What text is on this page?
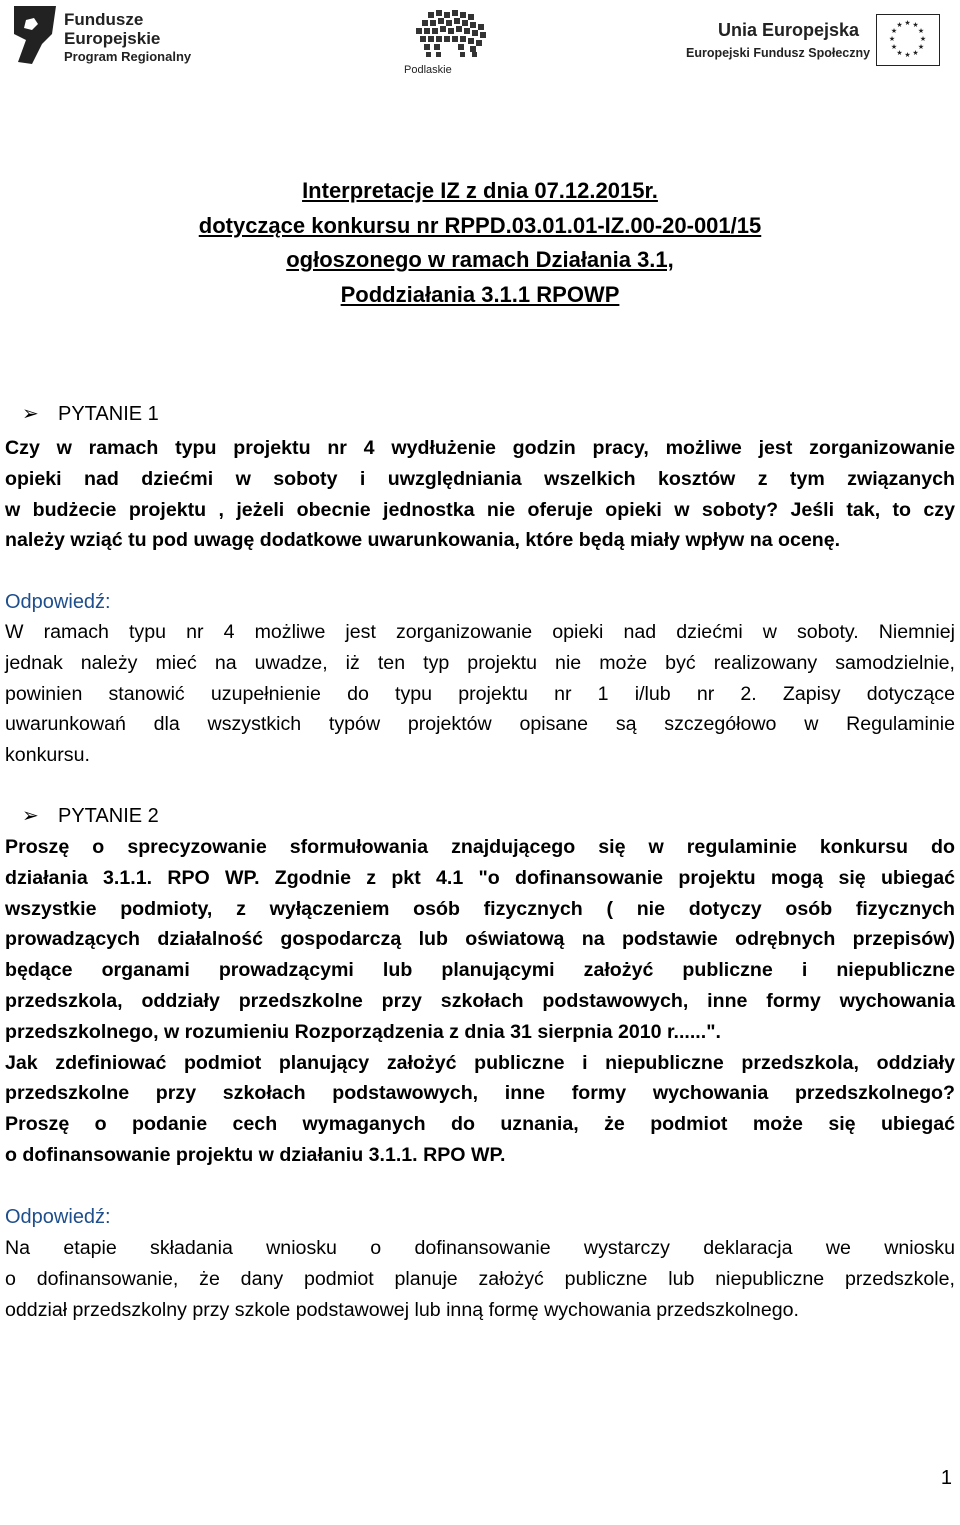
Fundusze
Europejskie
Program Regionalny
Podlaskie
Unia Europejska
Europejski Fundusz Społeczny
★ ★
★
★
★
★
★
★
★
★
★
★
Interpretacje IZ z dnia 07.12.2015r.
dotyczące konkursu nr RPPD.03.01.01-IZ.00-20-001/15
ogłoszonego w ramach Działania 3.1,
Poddziałania 3.1.1 RPOWP
➢ PYTANIE 1
Czy w ramach typu projektu nr 4 wydłużenie godzin pracy, możliwe jest zorganizowanie
opieki nad dziećmi w soboty i uwzględniania wszelkich kosztów z tym związanych
w budżecie projektu , jeżeli obecnie jednostka nie oferuje opieki w soboty? Jeśli tak, to czy
należy wziąć tu pod uwagę dodatkowe uwarunkowania, które będą miały wpływ na ocenę.
Odpowiedź:
W ramach typu nr 4 możliwe jest zorganizowanie opieki nad dziećmi w soboty. Niemniej
jednak należy mieć na uwadze, iż ten typ projektu nie może być realizowany samodzielnie,
powinien stanowić uzupełnienie do typu projektu nr 1 i/lub nr 2. Zapisy dotyczące
uwarunkowań dla wszystkich typów projektów opisane są szczegółowo w Regulaminie
konkursu.
➢ PYTANIE 2
Proszę o sprecyzowanie sformułowania znajdującego się w regulaminie konkursu do
działania 3.1.1. RPO WP. Zgodnie z pkt 4.1 "o dofinansowanie projektu mogą się ubiegać
wszystkie podmioty, z wyłączeniem osób fizycznych ( nie dotyczy osób fizycznych
prowadzących działalność gospodarczą lub oświatową na podstawie odrębnych przepisów)
będące organami prowadzącymi lub planującymi założyć publiczne i niepubliczne
przedszkola, oddziały przedszkolne przy szkołach podstawowych, inne formy wychowania
przedszkolnego, w rozumieniu Rozporządzenia z dnia 31 sierpnia 2010 r......".
Jak zdefiniować podmiot planujący założyć publiczne i niepubliczne przedszkola, oddziały
przedszkolne przy szkołach podstawowych, inne formy wychowania przedszkolnego?
Proszę o podanie cech wymaganych do uznania, że podmiot może się ubiegać
o dofinansowanie projektu w działaniu 3.1.1. RPO WP.
Odpowiedź:
Na etapie składania wniosku o dofinansowanie wystarczy deklaracja we wniosku
o dofinansowanie, że dany podmiot planuje założyć publiczne lub niepubliczne przedszkole,
oddział przedszkolny przy szkole podstawowej lub inną formę wychowania przedszkolnego.
1
